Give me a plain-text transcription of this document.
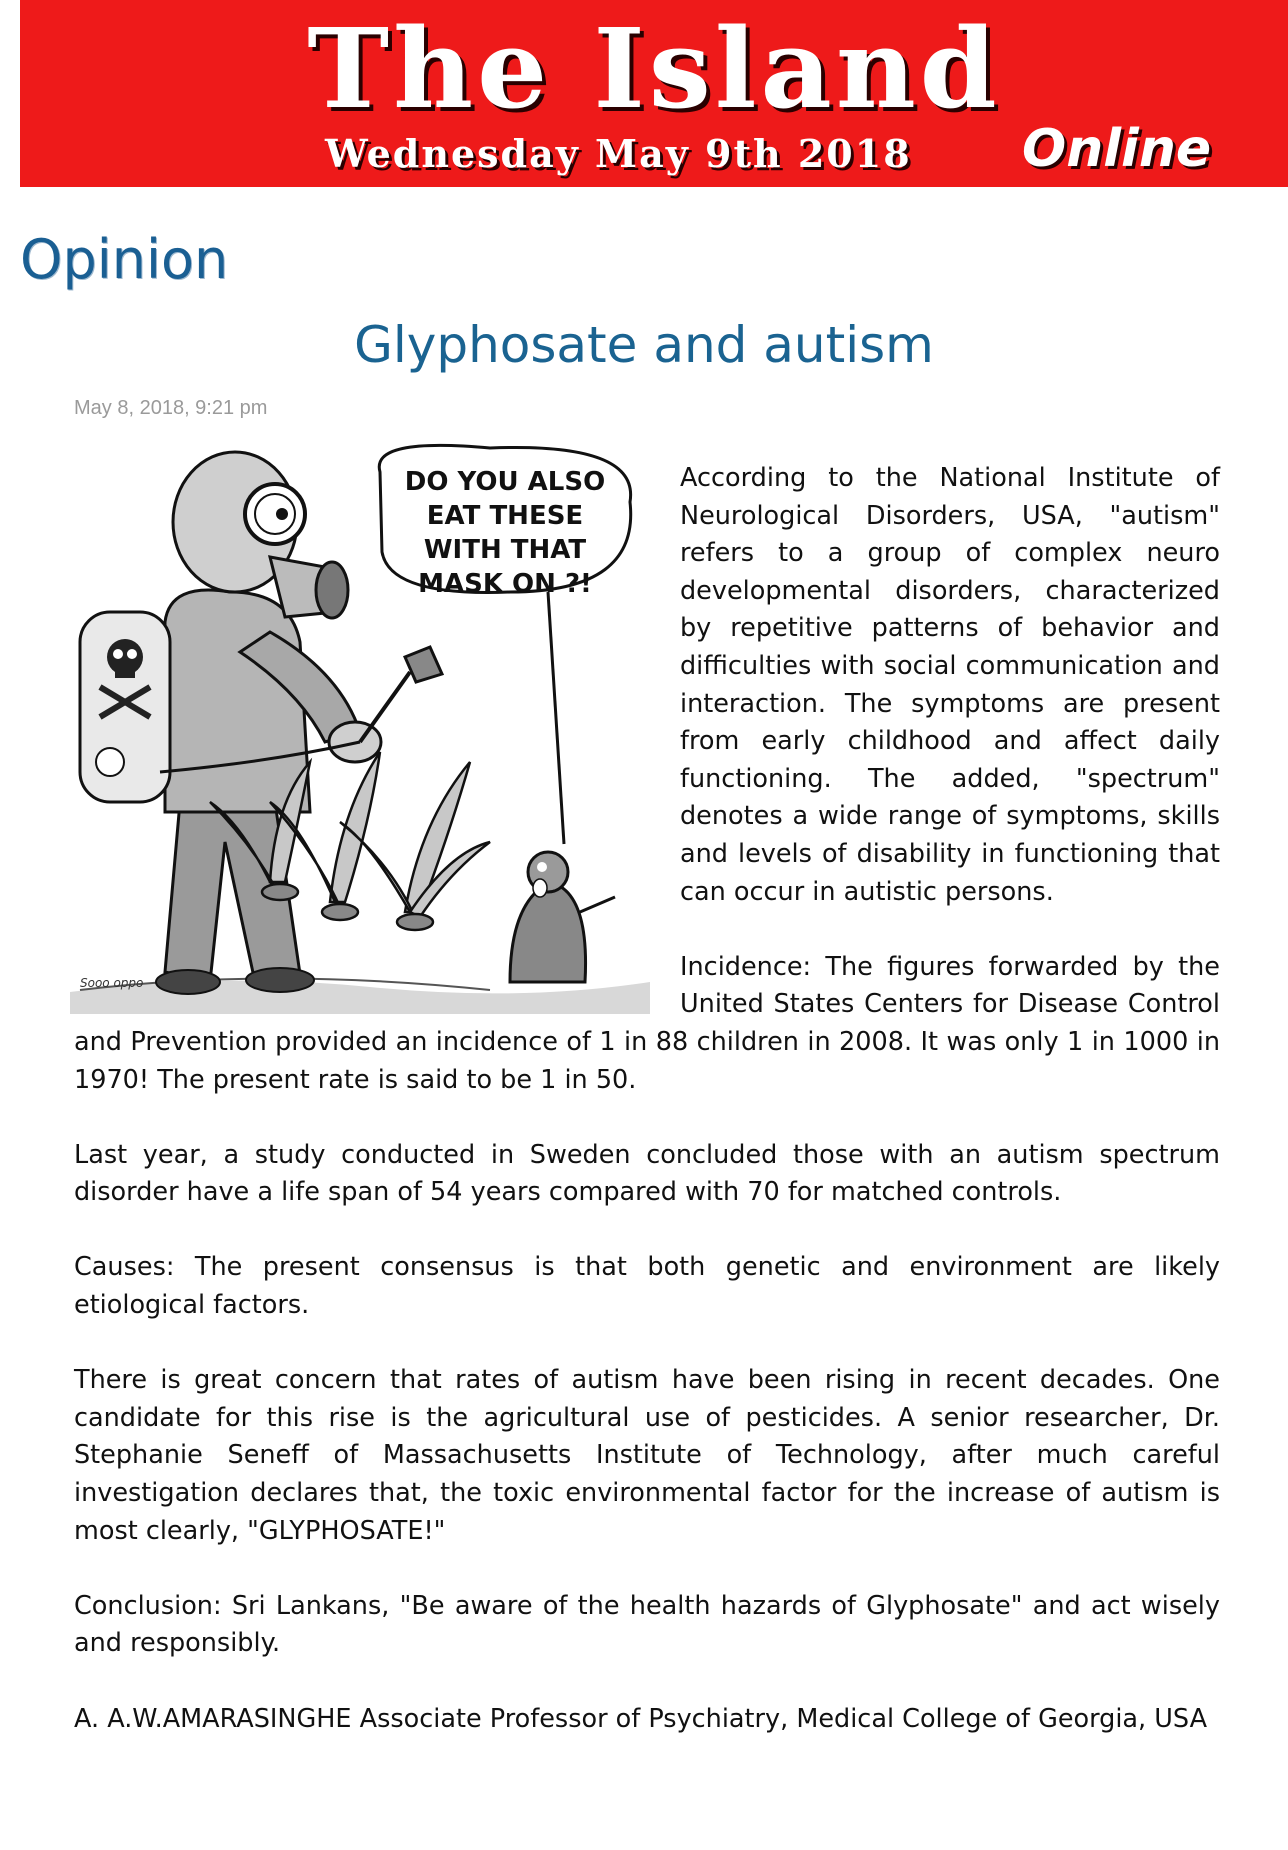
The Island
Wednesday May 9th 2018 Online
Opinion
Glyphosate and autism
May 8, 2018, 9:21 pm
DO YOU ALSO
EAT THESE
WITH THAT
MASK ON ?!
Sooo oppo

According to the National Institute of Neurological Disorders, USA, "autism" refers to a group of complex neuro developmental disorders, characterized by repetitive patterns of behavior and difficulties with social communication and interaction. The symptoms are present from early childhood and affect daily functioning. The added, "spectrum" denotes a wide range of symptoms, skills and levels of disability in functioning that can occur in autistic persons.

Incidence: The figures forwarded by the United States Centers for Disease Control and Prevention provided an incidence of 1 in 88 children in 2008. It was only 1 in 1000 in 1970! The present rate is said to be 1 in 50.

Last year, a study conducted in Sweden concluded those with an autism spectrum disorder have a life span of 54 years compared with 70 for matched controls.

Causes: The present consensus is that both genetic and environment are likely etiological factors.

There is great concern that rates of autism have been rising in recent decades. One candidate for this rise is the agricultural use of pesticides. A senior researcher, Dr. Stephanie Seneff of Massachusetts Institute of Technology, after much careful investigation declares that, the toxic environmental factor for the increase of autism is most clearly, "GLYPHOSATE!"

Conclusion: Sri Lankans, "Be aware of the health hazards of Glyphosate" and act wisely and responsibly.

A. A.W.AMARASINGHE Associate Professor of Psychiatry, Medical College of Georgia, USA
